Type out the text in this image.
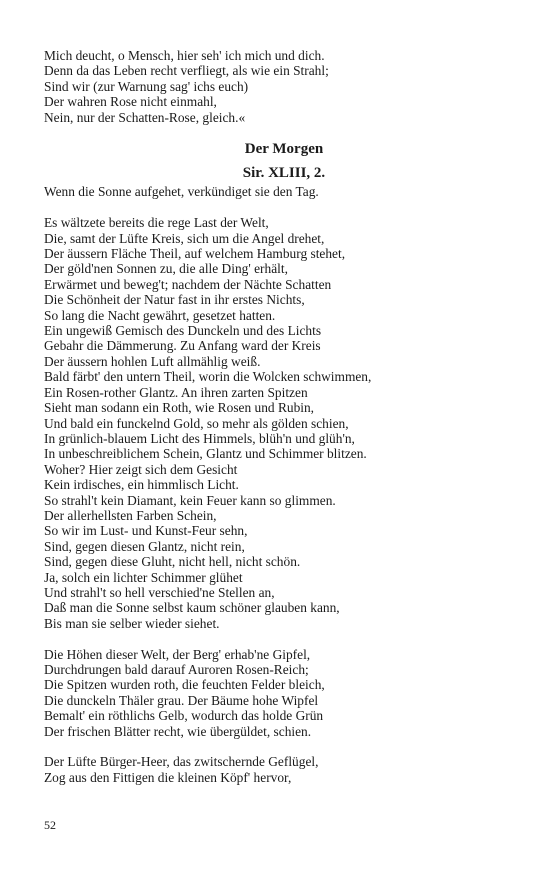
Mich deucht, o Mensch, hier seh' ich mich und dich.
Denn da das Leben recht verfliegt, als wie ein Strahl;
Sind wir (zur Warnung sag' ichs euch)
Der wahren Rose nicht einmahl,
Nein, nur der Schatten-Rose, gleich.«
Der Morgen
Sir. XLIII, 2.
Wenn die Sonne aufgehet, verkündiget sie den Tag.
Es wältzete bereits die rege Last der Welt,
Die, samt der Lüfte Kreis, sich um die Angel drehet,
Der äussern Fläche Theil, auf welchem Hamburg stehet,
Der göld'nen Sonnen zu, die alle Ding' erhält,
Erwärmet und beweg't; nachdem der Nächte Schatten
Die Schönheit der Natur fast in ihr erstes Nichts,
So lang die Nacht gewährt, gesetzet hatten.
Ein ungewiß Gemisch des Dunckeln und des Lichts
Gebahr die Dämmerung. Zu Anfang ward der Kreis
Der äussern hohlen Luft allmählig weiß.
Bald färbt' den untern Theil, worin die Wolcken schwimmen,
Ein Rosen-rother Glantz. An ihren zarten Spitzen
Sieht man sodann ein Roth, wie Rosen und Rubin,
Und bald ein funckelnd Gold, so mehr als gölden schien,
In grünlich-blauem Licht des Himmels, blüh'n und glüh'n,
In unbeschreiblichem Schein, Glantz und Schimmer blitzen.
Woher? Hier zeigt sich dem Gesicht
Kein irdisches, ein himmlisch Licht.
So strahl't kein Diamant, kein Feuer kann so glimmen.
Der allerhellsten Farben Schein,
So wir im Lust- und Kunst-Feur sehn,
Sind, gegen diesen Glantz, nicht rein,
Sind, gegen diese Gluht, nicht hell, nicht schön.
Ja, solch ein lichter Schimmer glühet
Und strahl't so hell verschied'ne Stellen an,
Daß man die Sonne selbst kaum schöner glauben kann,
Bis man sie selber wieder siehet.
Die Höhen dieser Welt, der Berg' erhab'ne Gipfel,
Durchdrungen bald darauf Auroren Rosen-Reich;
Die Spitzen wurden roth, die feuchten Felder bleich,
Die dunckeln Thäler grau. Der Bäume hohe Wipfel
Bemalt' ein röthlichs Gelb, wodurch das holde Grün
Der frischen Blätter recht, wie übergüldet, schien.
Der Lüfte Bürger-Heer, das zwitschernde Geflügel,
Zog aus den Fittigen die kleinen Köpf' hervor,
52
